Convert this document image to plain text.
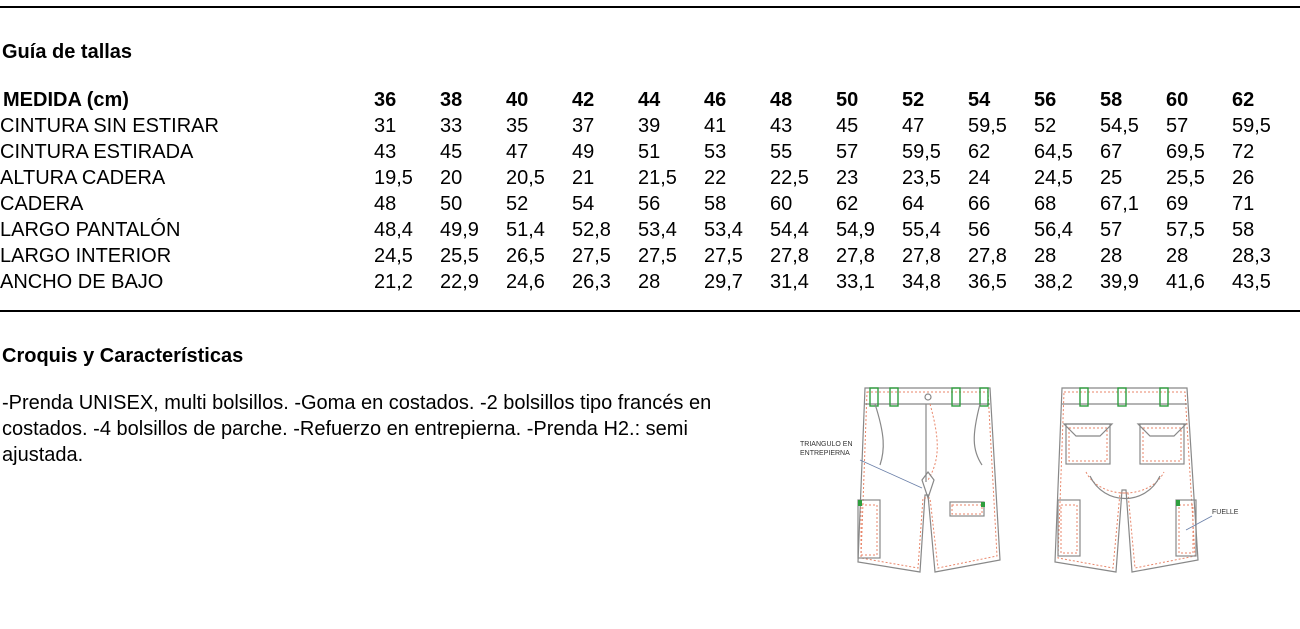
Guía de tallas
MEDIDA (cm)	36	38	40	42	44	46	48	50	52	54	56	58	60	62
CINTURA SIN ESTIRAR	31	33	35	37	39	41	43	45	47	59,5	52	54,5	57	59,5
CINTURA ESTIRADA	43	45	47	49	51	53	55	57	59,5	62	64,5	67	69,5	72
ALTURA CADERA	19,5	20	20,5	21	21,5	22	22,5	23	23,5	24	24,5	25	25,5	26
CADERA	48	50	52	54	56	58	60	62	64	66	68	67,1	69	71
LARGO PANTALÓN	48,4	49,9	51,4	52,8	53,4	53,4	54,4	54,9	55,4	56	56,4	57	57,5	58
LARGO INTERIOR	24,5	25,5	26,5	27,5	27,5	27,5	27,8	27,8	27,8	27,8	28	28	28	28,3
ANCHO DE BAJO	21,2	22,9	24,6	26,3	28	29,7	31,4	33,1	34,8	36,5	38,2	39,9	41,6	43,5
Croquis y Características

-Prenda UNISEX, multi bolsillos. -Goma en costados. -2 bolsillos tipo francés en costados. -4 bolsillos de parche. -Refuerzo en entrepierna. -Prenda H2.: semi ajustada.	TRIANGULO EN
ENTREPIERNA
FUELLE
